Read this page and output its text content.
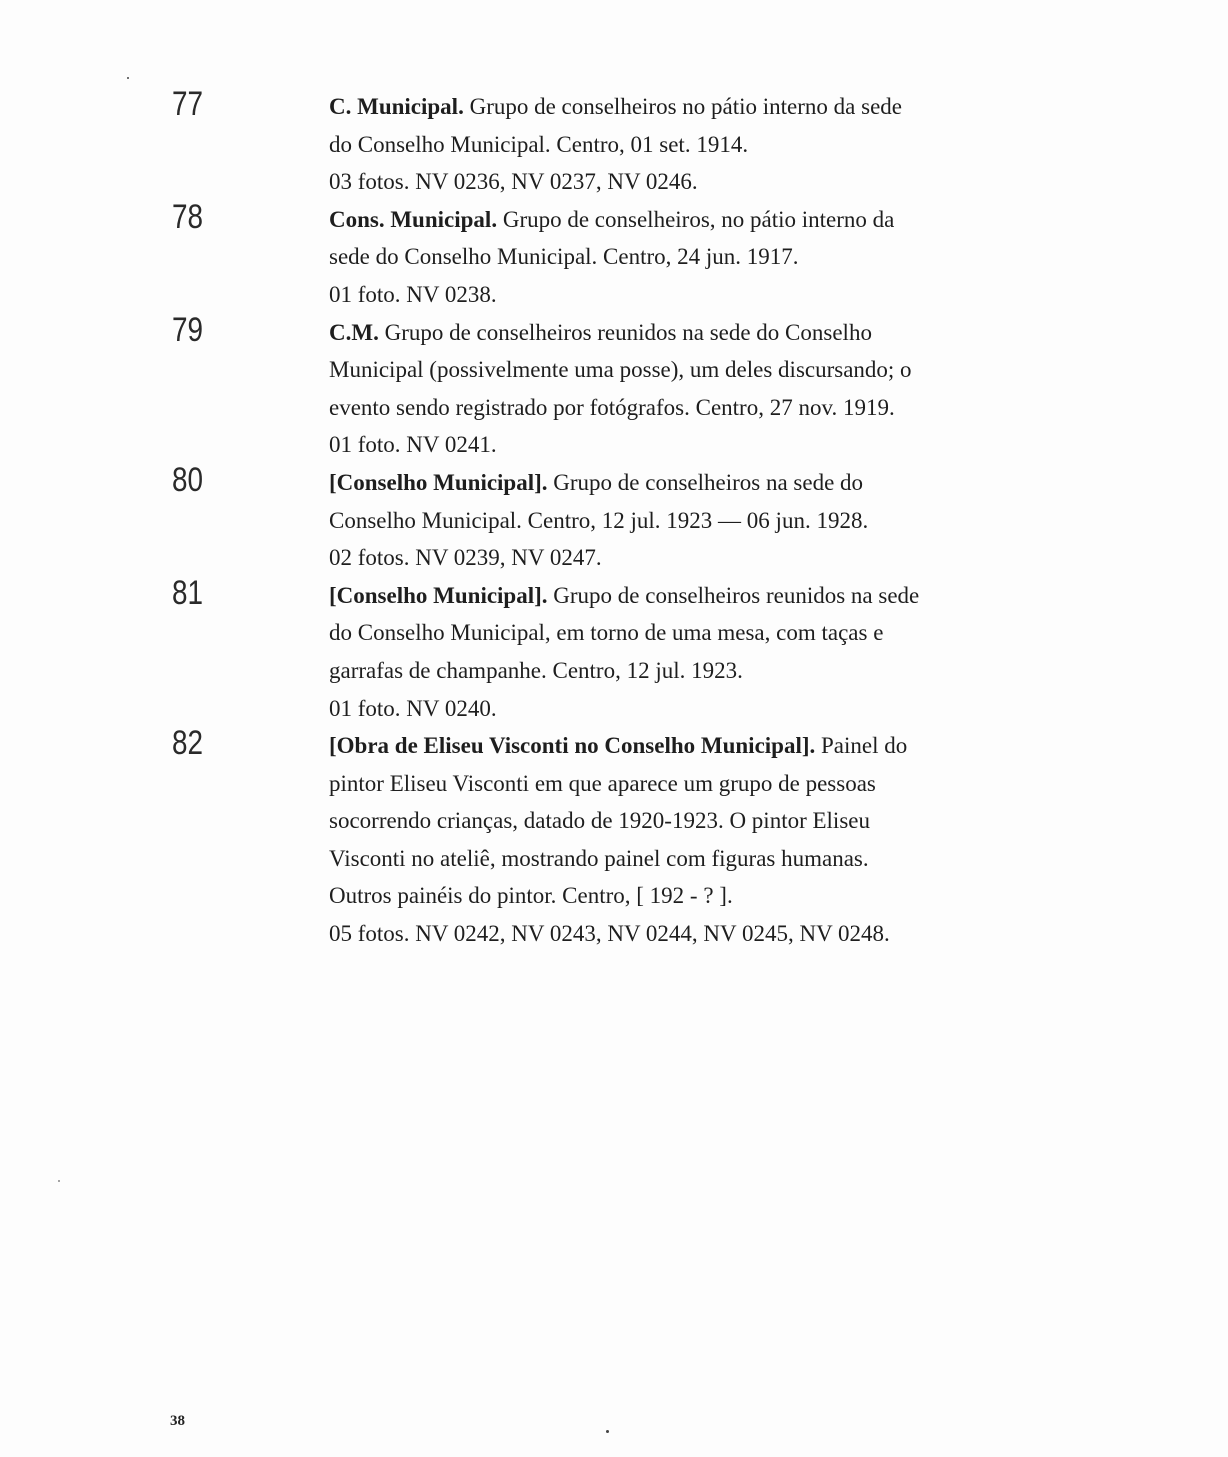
77	C. Municipal. Grupo de conselheiros no pátio interno da sede do Conselho Municipal. Centro, 01 set. 1914.

03 fotos. NV 0236, NV 0237, NV 0246.

78	Cons. Municipal. Grupo de conselheiros, no pátio interno da sede do Conselho Municipal. Centro, 24 jun. 1917.

01 foto. NV 0238.

79	C.M. Grupo de conselheiros reunidos na sede do Conselho Municipal (possivelmente uma posse), um deles discursando; o evento sendo registrado por fotógrafos. Centro, 27 nov. 1919.

01 foto. NV 0241.

80	[Conselho Municipal]. Grupo de conselheiros na sede do Conselho Municipal. Centro, 12 jul. 1923 — 06 jun. 1928.

02 fotos. NV 0239, NV 0247.

81	[Conselho Municipal]. Grupo de conselheiros reunidos na sede do Conselho Municipal, em torno de uma mesa, com taças e garrafas de champanhe. Centro, 12 jul. 1923.

01 foto. NV 0240.

82	[Obra de Eliseu Visconti no Conselho Municipal]. Painel do pintor Eliseu Visconti em que aparece um grupo de pessoas socorrendo crianças, datado de 1920-1923. O pintor Eliseu Visconti no ateliê, mostrando painel com figuras humanas. Outros painéis do pintor. Centro, [ 192 - ? ].

05 fotos. NV 0242, NV 0243, NV 0244, NV 0245, NV 0248.

38
